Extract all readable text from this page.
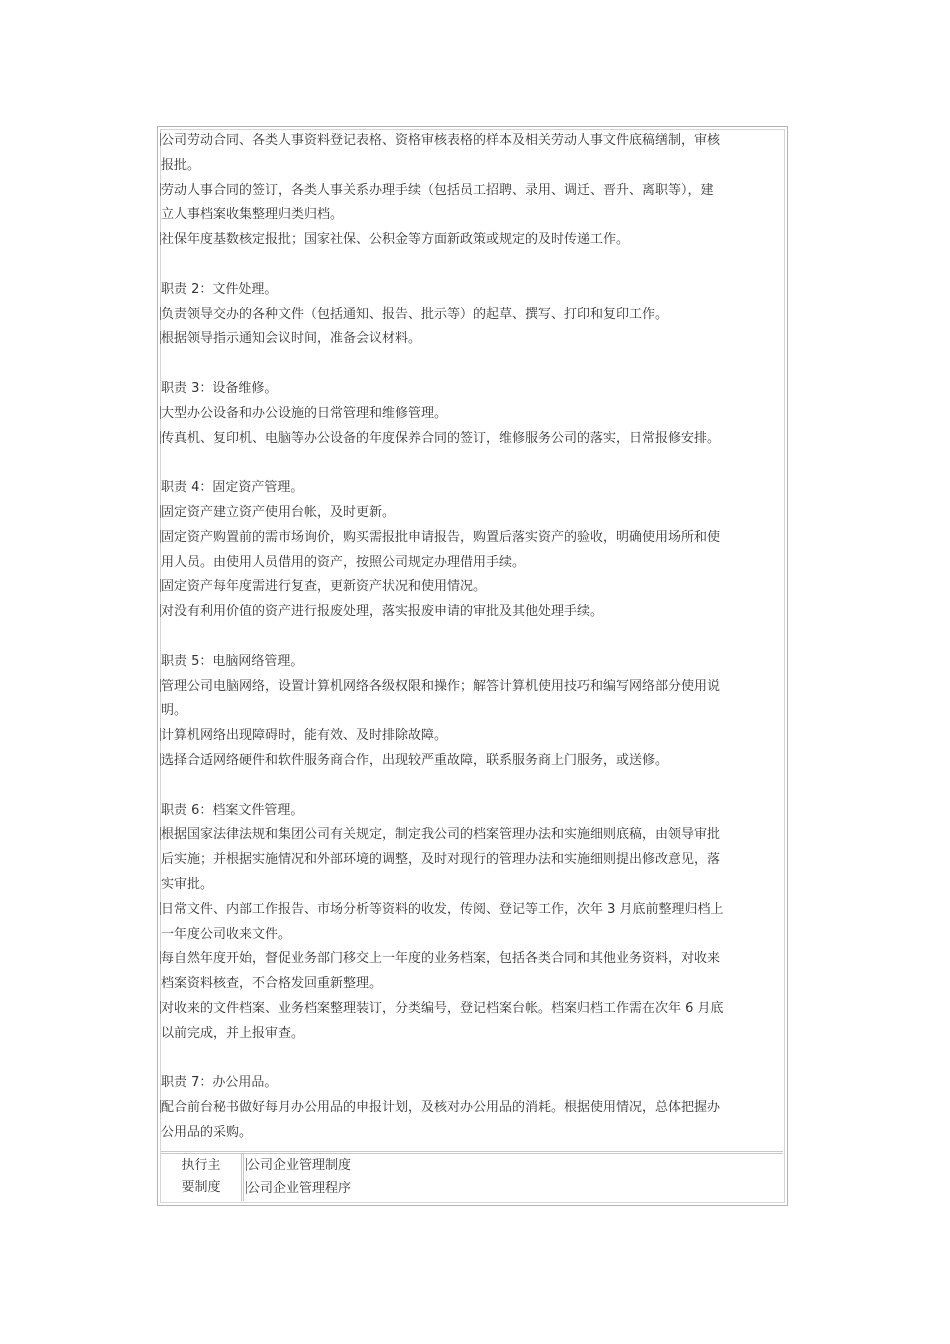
公司劳动合同、各类人事资料登记表格、资格审核表格的样本及相关劳动人事文件底稿缮制，审核
报批。
劳动人事合同的签订，各类人事关系办理手续（包括员工招聘、录用、调迁、晋升、离职等），建
立人事档案收集整理归类归档。
社保年度基数核定报批；国家社保、公积金等方面新政策或规定的及时传递工作。
职责 2：文件处理。
负责领导交办的各种文件（包括通知、报告、批示等）的起草、撰写、打印和复印工作。
根据领导指示通知会议时间，准备会议材料。
职责 3：设备维修。
大型办公设备和办公设施的日常管理和维修管理。
传真机、复印机、电脑等办公设备的年度保养合同的签订，维修服务公司的落实，日常报修安排。
职责 4：固定资产管理。
固定资产建立资产使用台帐，及时更新。
固定资产购置前的需市场询价，购买需报批申请报告，购置后落实资产的验收，明确使用场所和使
用人员。由使用人员借用的资产，按照公司规定办理借用手续。
固定资产每年度需进行复查，更新资产状况和使用情况。
对没有利用价值的资产进行报废处理，落实报废申请的审批及其他处理手续。
职责 5：电脑网络管理。
管理公司电脑网络，设置计算机网络各级权限和操作；解答计算机使用技巧和编写网络部分使用说
明。
计算机网络出现障碍时，能有效、及时排除故障。
选择合适网络硬件和软件服务商合作，出现较严重故障，联系服务商上门服务，或送修。
职责 6：档案文件管理。
根据国家法律法规和集团公司有关规定，制定我公司的档案管理办法和实施细则底稿，由领导审批
后实施；并根据实施情况和外部环境的调整，及时对现行的管理办法和实施细则提出修改意见，落
实审批。
日常文件、内部工作报告、市场分析等资料的收发，传阅、登记等工作，次年 3 月底前整理归档上
一年度公司收来文件。
每自然年度开始，督促业务部门移交上一年度的业务档案，包括各类合同和其他业务资料，对收来
档案资料核查，不合格发回重新整理。
对收来的文件档案、业务档案整理装订，分类编号，登记档案台帐。档案归档工作需在次年 6 月底
以前完成，并上报审查。
职责 7：办公用品。
配合前台秘书做好每月办公用品的申报计划，及核对办公用品的消耗。根据使用情况，总体把握办
公用品的采购。
执行主
要制度
公司企业管理制度
公司企业管理程序
